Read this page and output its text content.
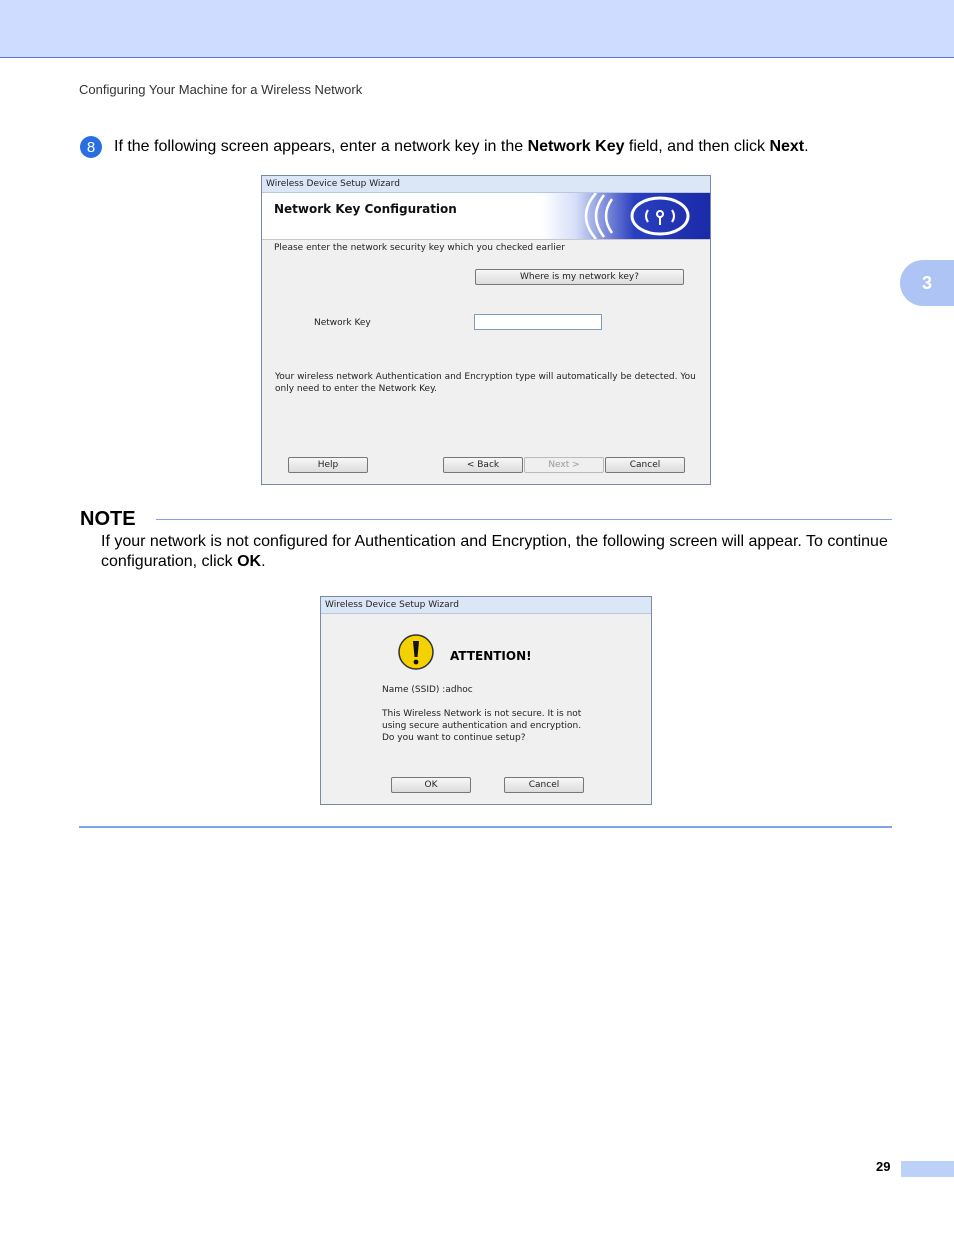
Configuring Your Machine for a Wireless Network
3
8	If the following screen appears, enter a network key in the Network Key field, and then click Next.
Wireless Device Setup Wizard
Network Key Configuration
Please enter the network security key which you checked earlier
Where is my network key?
Network Key
Your wireless network Authentication and Encryption type will automatically be detected. You only need to enter the Network Key.
Help	< Back	Next >	Cancel
NOTE
If your network is not configured for Authentication and Encryption, the following screen will appear. To continue configuration, click OK.
Wireless Device Setup Wizard
ATTENTION!
Name (SSID) :adhoc
This Wireless Network is not secure. It is not
using secure authentication and encryption.
Do you want to continue setup?
OK	Cancel
29
